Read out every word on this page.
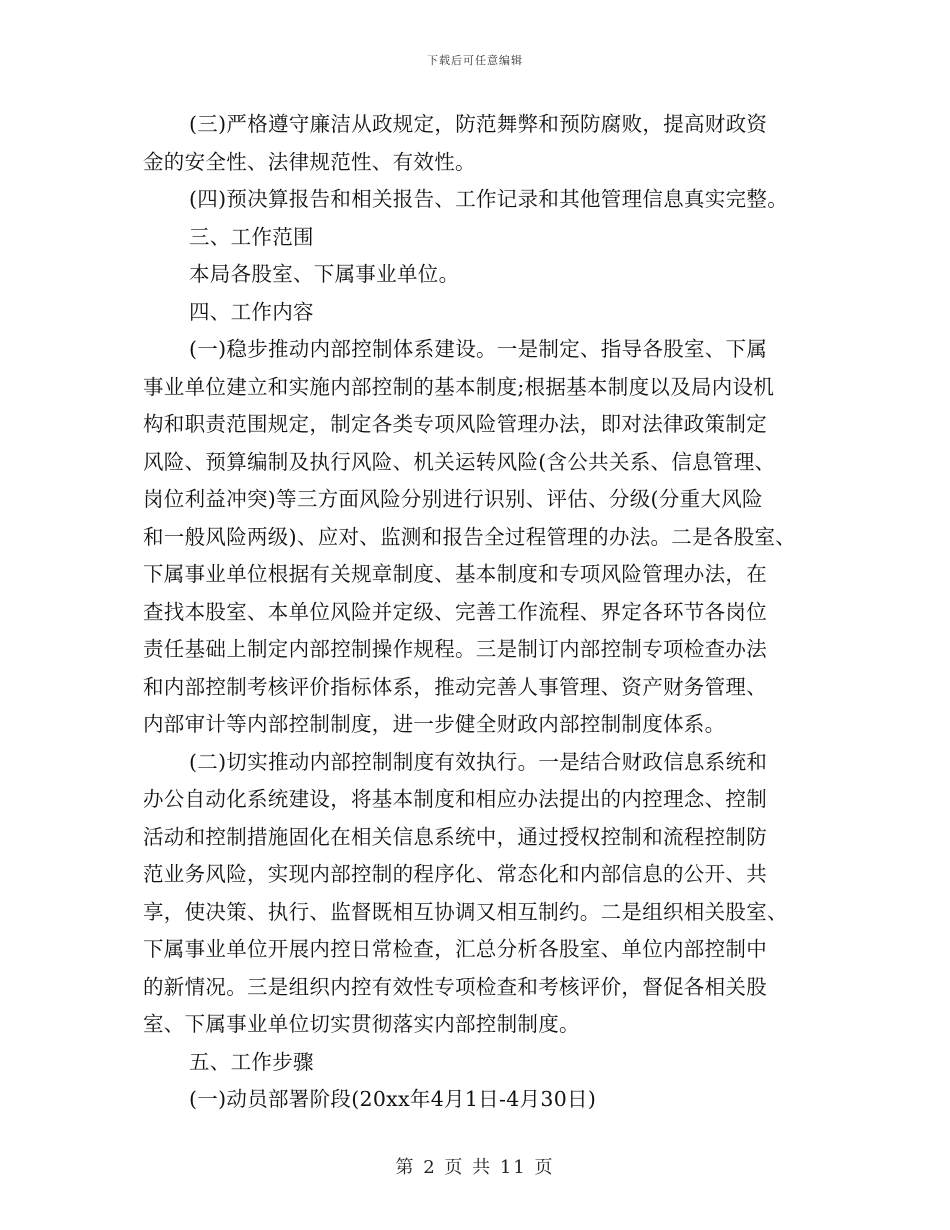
下载后可任意编辑
(三)严格遵守廉洁从政规定，防范舞弊和预防腐败，提高财政资
金的安全性、法律规范性、有效性。
(四)预决算报告和相关报告、工作记录和其他管理信息真实完整。
三、工作范围
本局各股室、下属事业单位。
四、工作内容
(一)稳步推动内部控制体系建设。一是制定、指导各股室、下属
事业单位建立和实施内部控制的基本制度;根据基本制度以及局内设机
构和职责范围规定，制定各类专项风险管理办法，即对法律政策制定
风险、预算编制及执行风险、机关运转风险(含公共关系、信息管理、
岗位利益冲突)等三方面风险分别进行识别、评估、分级(分重大风险
和一般风险两级)、应对、监测和报告全过程管理的办法。二是各股室、
下属事业单位根据有关规章制度、基本制度和专项风险管理办法，在
查找本股室、本单位风险并定级、完善工作流程、界定各环节各岗位
责任基础上制定内部控制操作规程。三是制订内部控制专项检查办法
和内部控制考核评价指标体系，推动完善人事管理、资产财务管理、
内部审计等内部控制制度，进一步健全财政内部控制制度体系。
(二)切实推动内部控制制度有效执行。一是结合财政信息系统和
办公自动化系统建设，将基本制度和相应办法提出的内控理念、控制
活动和控制措施固化在相关信息系统中，通过授权控制和流程控制防
范业务风险，实现内部控制的程序化、常态化和内部信息的公开、共
享，使决策、执行、监督既相互协调又相互制约。二是组织相关股室、
下属事业单位开展内控日常检查，汇总分析各股室、单位内部控制中
的新情况。三是组织内控有效性专项检查和考核评价，督促各相关股
室、下属事业单位切实贯彻落实内部控制制度。
五、工作步骤
(一)动员部署阶段(20xx年4月1日-4月30日)
第 2 页 共 11 页
